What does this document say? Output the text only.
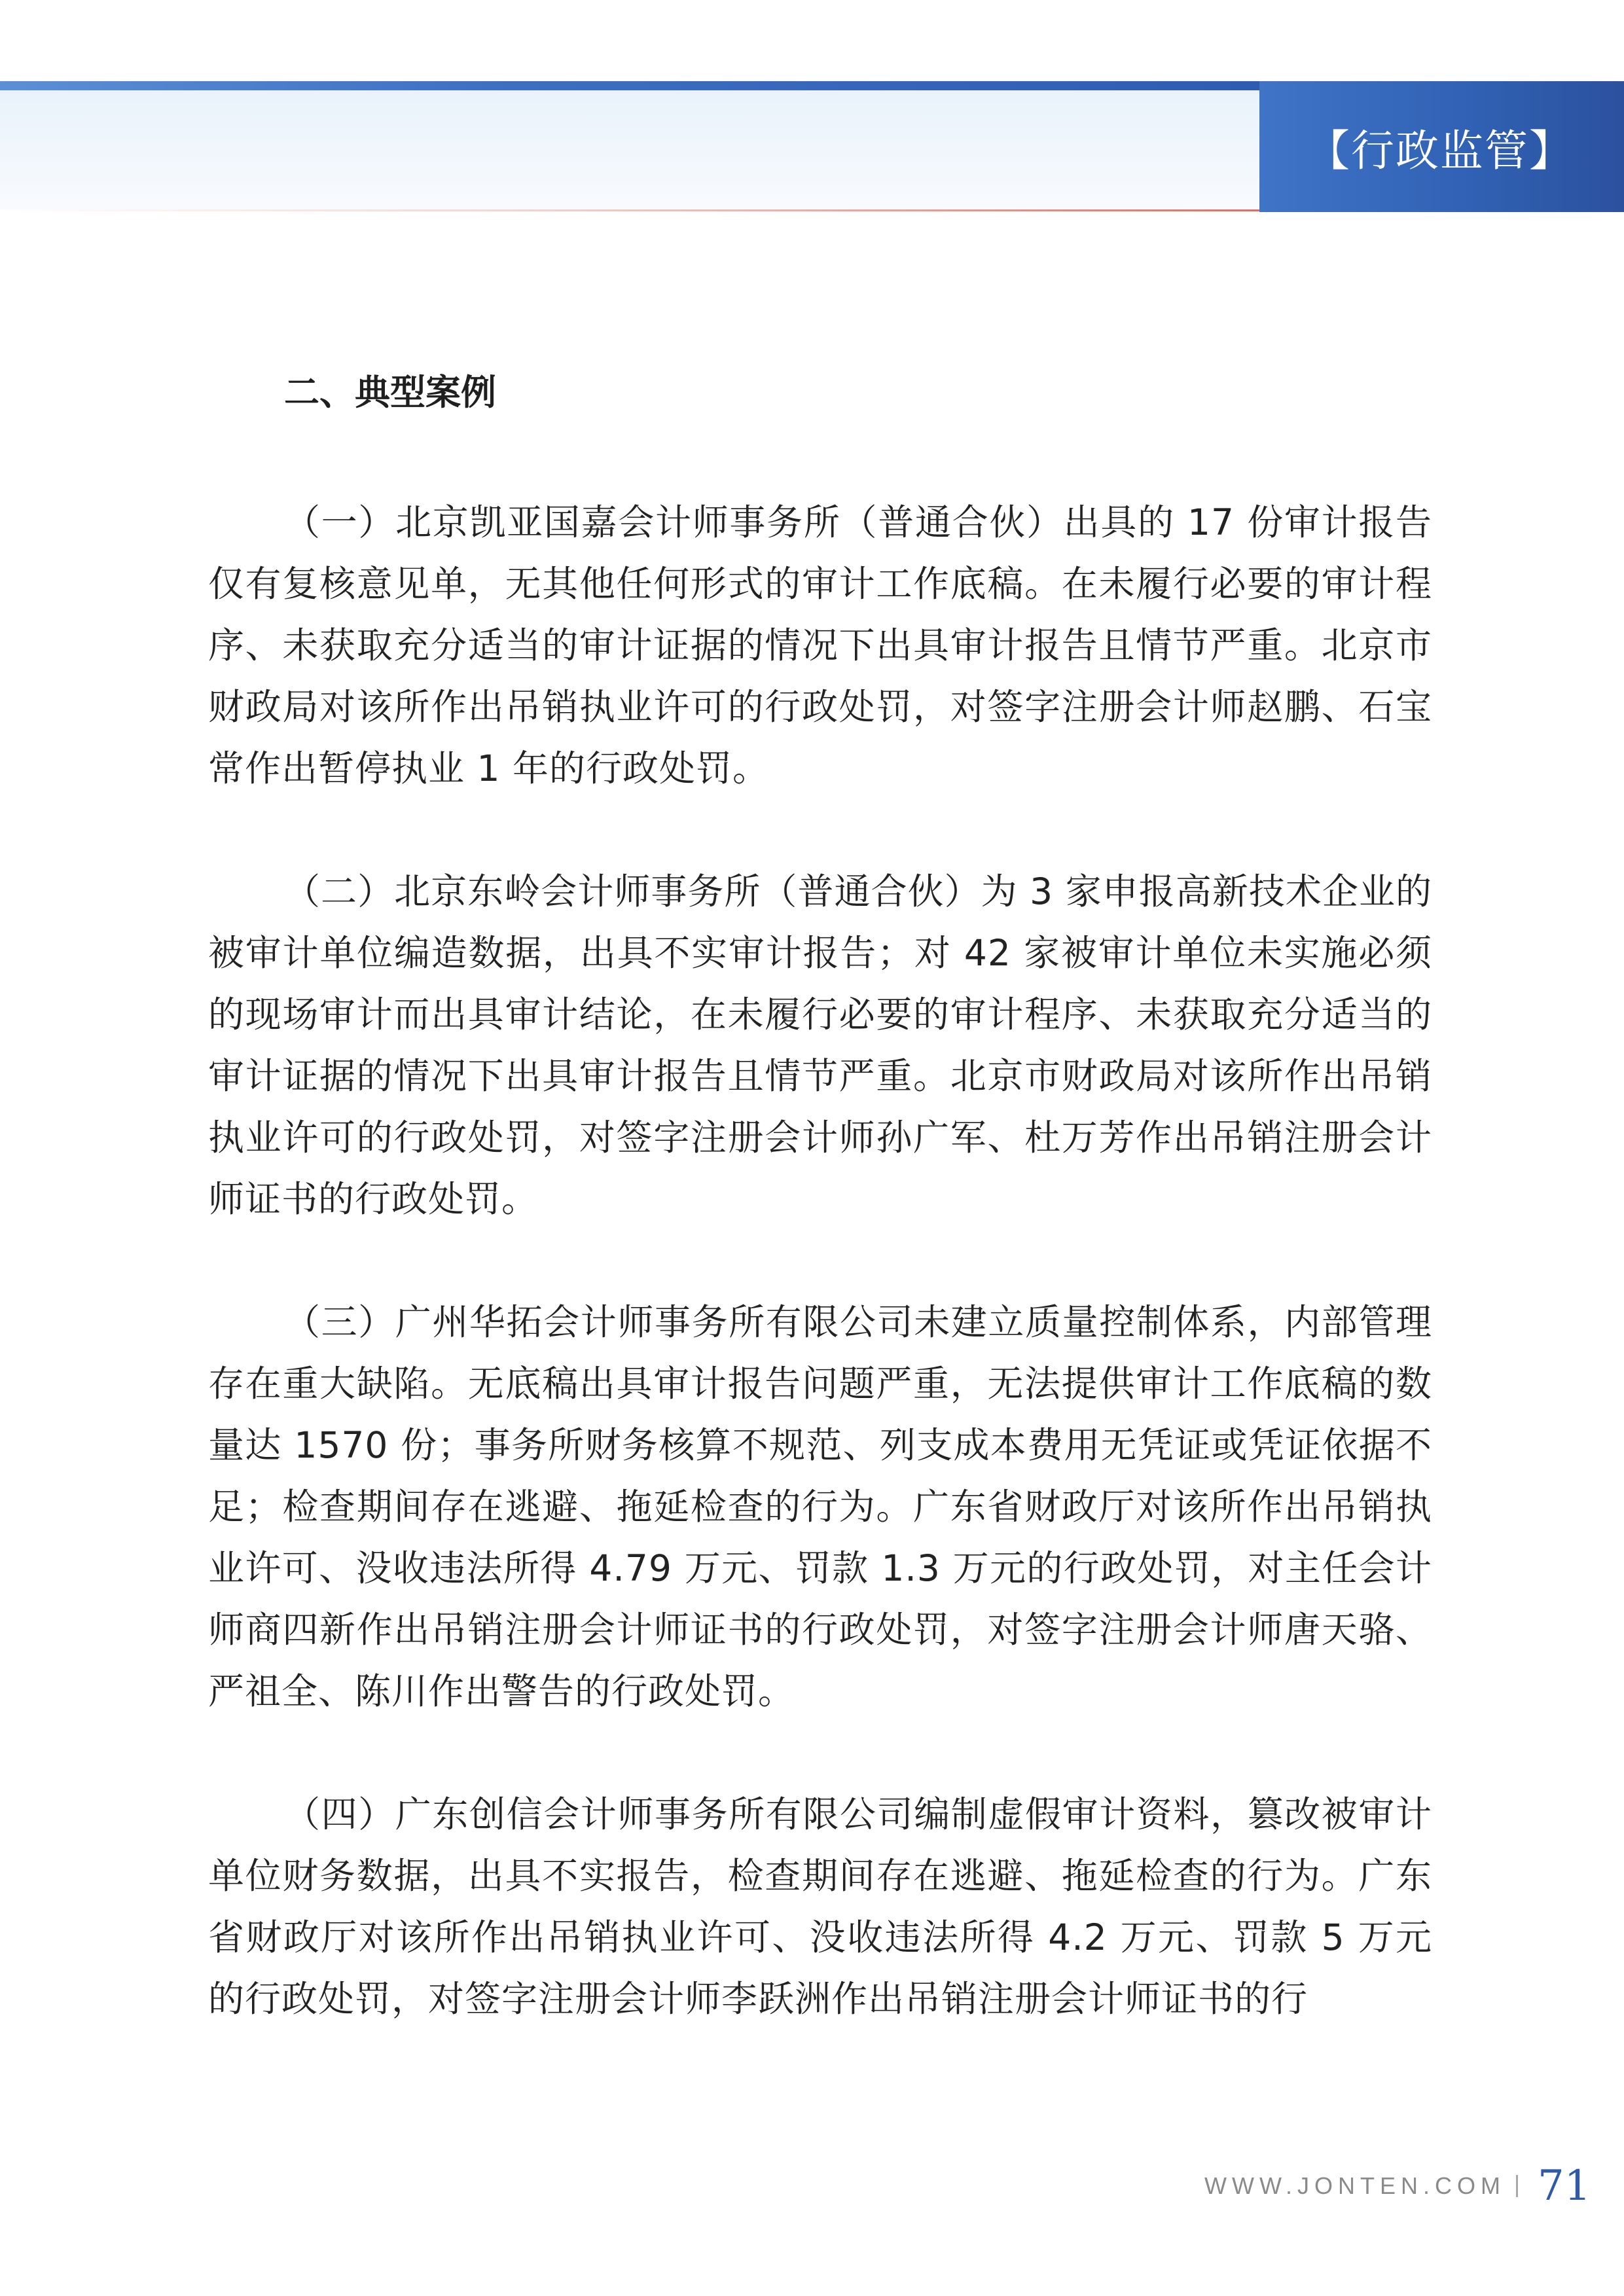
【行政监管】
二、典型案例

（一）北京凯亚国嘉会计师事务所（普通合伙）出具的 17 份审计报告仅有复核意见单，无其他任何形式的审计工作底稿。在未履行必要的审计程序、未获取充分适当的审计证据的情况下出具审计报告且情节严重。北京市财政局对该所作出吊销执业许可的行政处罚，对签字注册会计师赵鹏、石宝常作出暂停执业 1 年的行政处罚。

（二）北京东岭会计师事务所（普通合伙）为 3 家申报高新技术企业的被审计单位编造数据，出具不实审计报告；对 42 家被审计单位未实施必须的现场审计而出具审计结论，在未履行必要的审计程序、未获取充分适当的审计证据的情况下出具审计报告且情节严重。北京市财政局对该所作出吊销执业许可的行政处罚，对签字注册会计师孙广军、杜万芳作出吊销注册会计师证书的行政处罚。

（三）广州华拓会计师事务所有限公司未建立质量控制体系，内部管理存在重大缺陷。无底稿出具审计报告问题严重，无法提供审计工作底稿的数量达 1570 份；事务所财务核算不规范、列支成本费用无凭证或凭证依据不足；检查期间存在逃避、拖延检查的行为。广东省财政厅对该所作出吊销执业许可、没收违法所得 4.79 万元、罚款 1.3 万元的行政处罚，对主任会计师商四新作出吊销注册会计师证书的行政处罚，对签字注册会计师唐天骆、严祖全、陈川作出警告的行政处罚。

（四）广东创信会计师事务所有限公司编制虚假审计资料，篡改被审计单位财务数据，出具不实报告，检查期间存在逃避、拖延检查的行为。广东省财政厅对该所作出吊销执业许可、没收违法所得 4.2 万元、罚款 5 万元的行政处罚，对签字注册会计师李跃洲作出吊销注册会计师证书的行

WWW.JONTEN.COM 71
